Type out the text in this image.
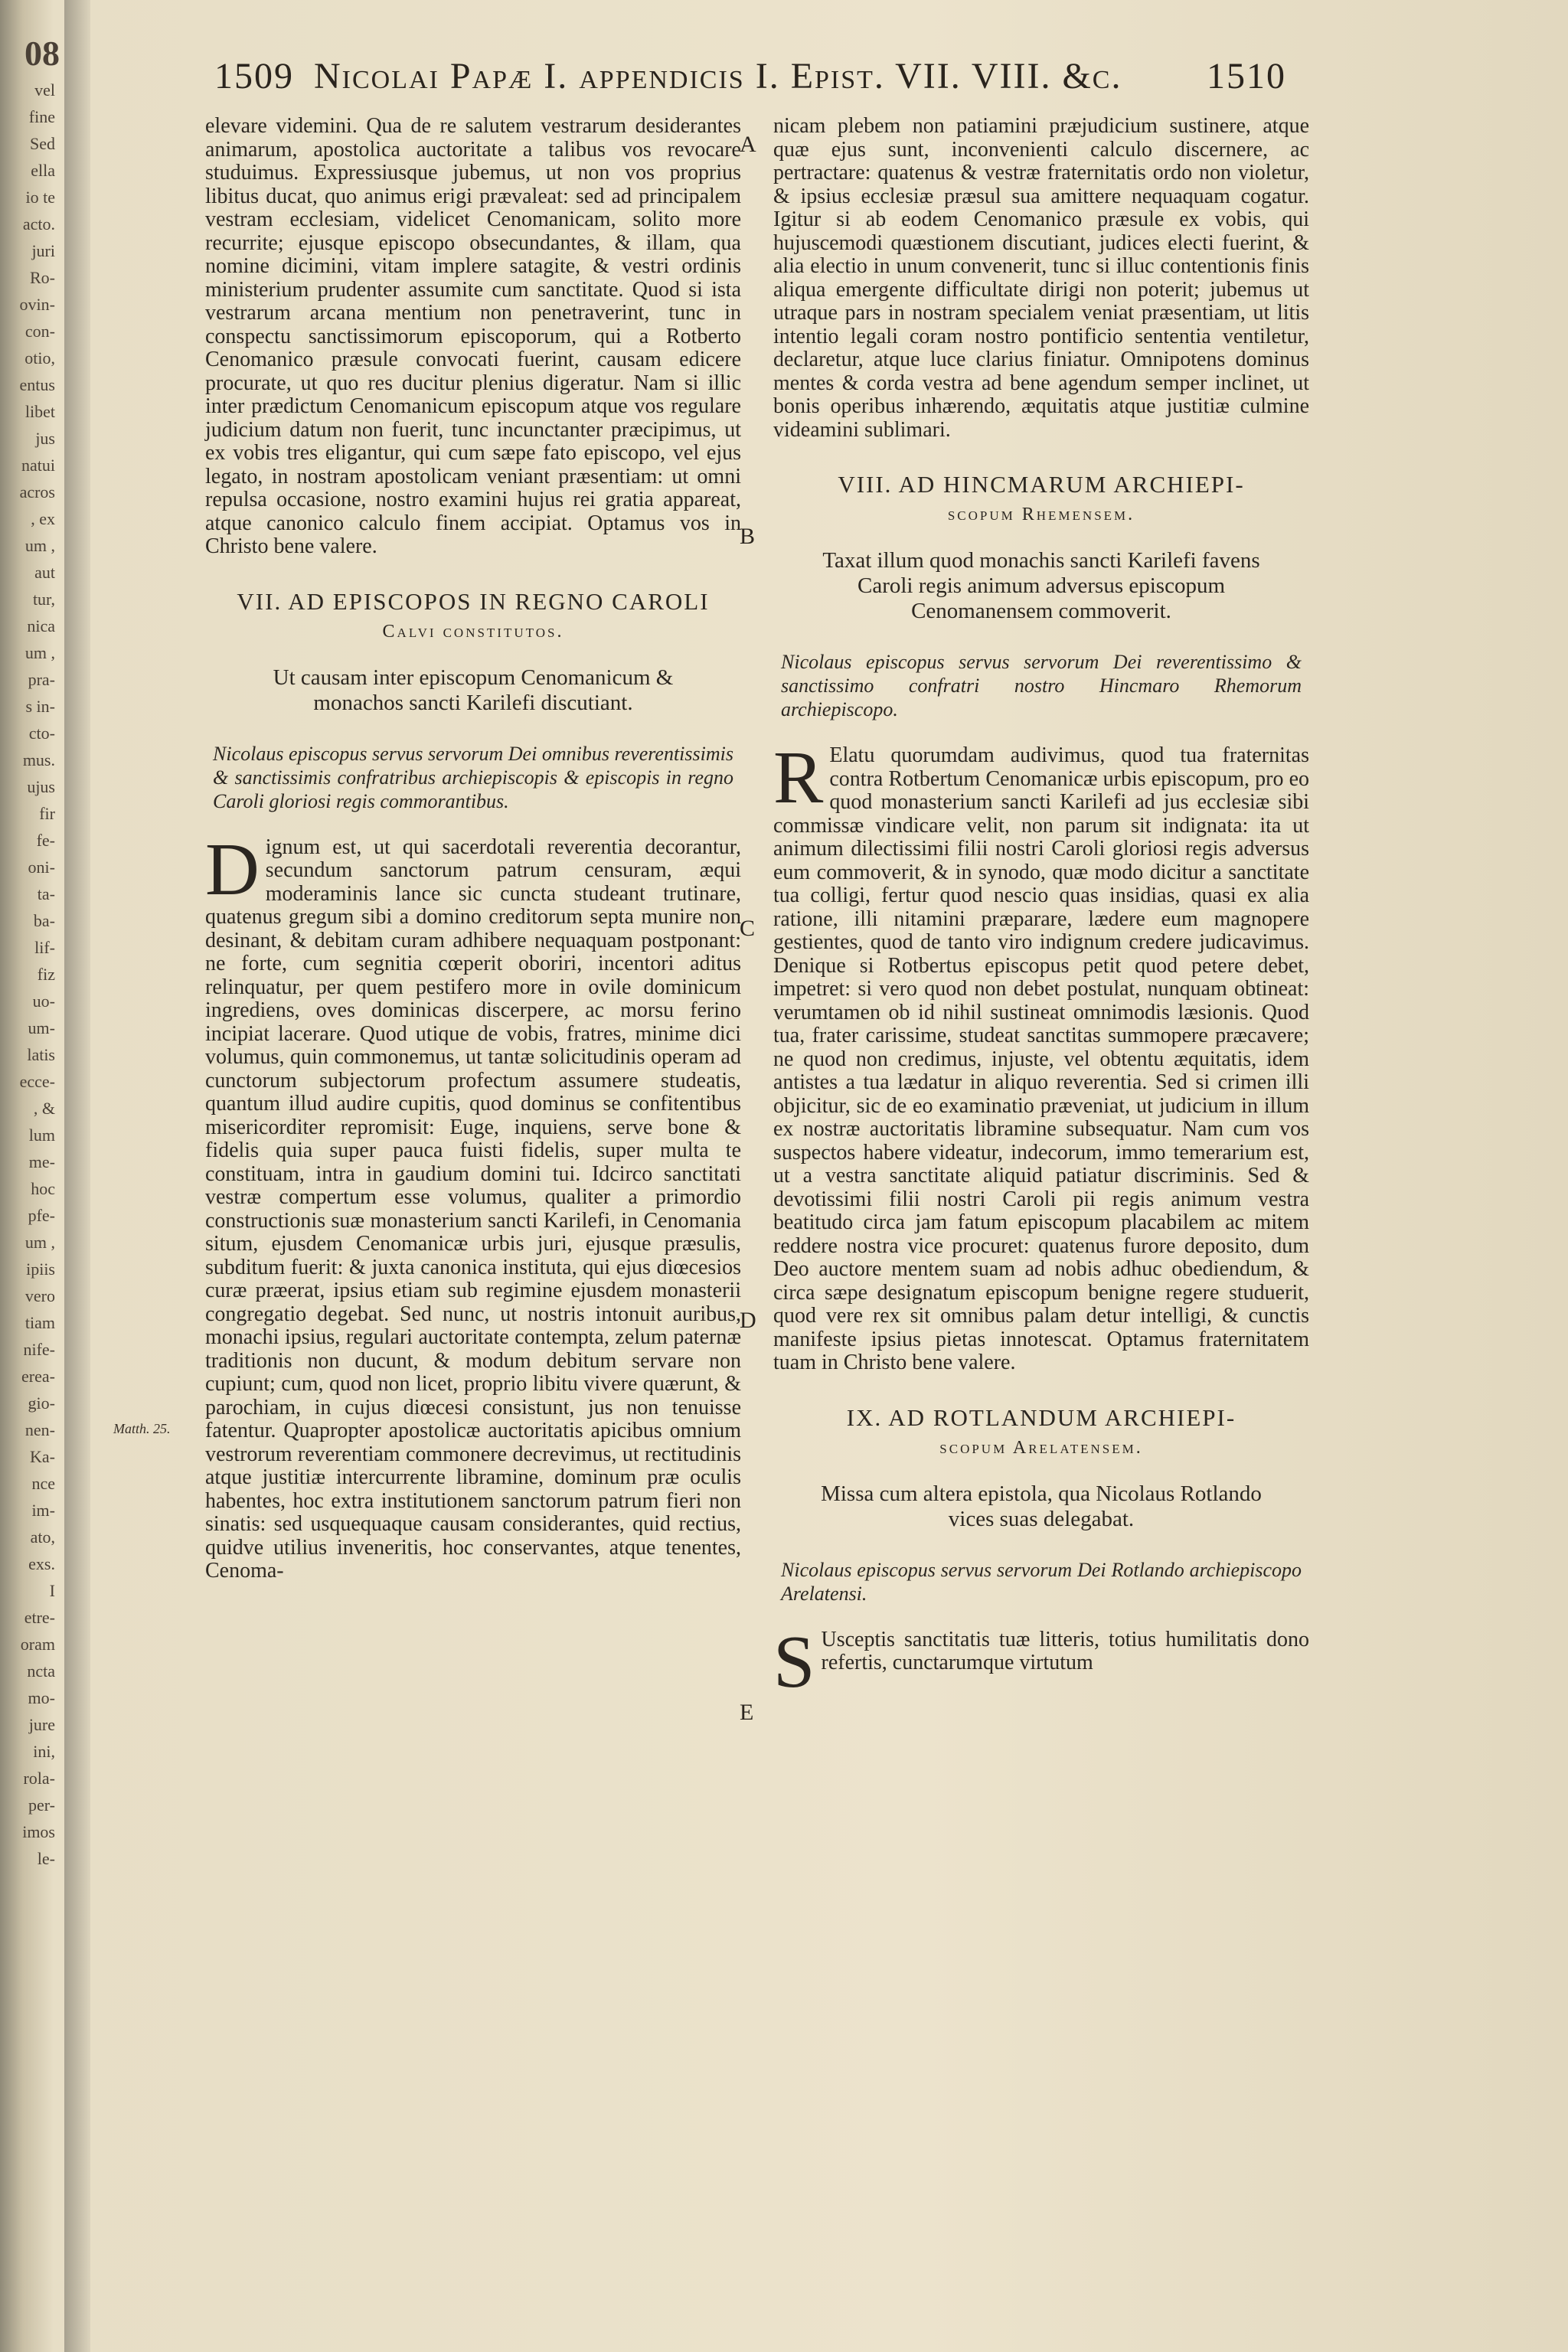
08
vel
fine
Sed
ella
io te
acto.
juri
Ro-
ovin-
con-
otio,
entus
libet
jus
natui
acros
, ex
um ,
aut
tur,
nica
um ,
pra-
s in-
cto-
mus.
ujus
fir
fe-
oni-
ta-
ba-
lif-
fiz
uo-
um-
latis
ecce-
, &
lum
me-
hoc
pfe-
um ,
ipiis
vero
tiam
nife-
erea-
gio-
nen-
Ka-
nce
im-
ato,
exs.
I
etre-
oram
ncta
mo-
jure
ini,
rola-
per-
imos
le-
1509 Nicolai Papæ I. appendicis I. Epist. VII. VIII. &c. 1510

elevare videmini. Qua de re salutem vestrarum desiderantes animarum, apostolica auctoritate a talibus vos revocare studuimus. Expressiusque jubemus, ut non vos proprius libitus ducat, quo animus erigi prævaleat: sed ad principalem vestram ecclesiam, videlicet Cenomanicam, solito more recurrite; ejusque episcopo obsecundantes, & illam, qua nomine dicimini, vitam implere satagite, & vestri ordinis ministerium prudenter assumite cum sanctitate. Quod si ista vestrarum arcana mentium non penetraverint, tunc in conspectu sanctissimorum episcoporum, qui a Rotberto Cenomanico præsule convocati fuerint, causam edicere procurate, ut quo res ducitur plenius digeratur. Nam si illic inter prædictum Cenomanicum episcopum atque vos regulare judicium datum non fuerit, tunc incunctanter præcipimus, ut ex vobis tres eligantur, qui cum sæpe fato episcopo, vel ejus legato, in nostram apostolicam veniant præsentiam: ut omni repulsa occasione, nostro examini hujus rei gratia appareat, atque canonico calculo finem accipiat. Optamus vos in Christo bene valere.

VII. AD EPISCOPOS IN REGNO CAROLI
Calvi constitutos.
Ut causam inter episcopum Cenomanicum & monachos sancti Karilefi discutiant.
Nicolaus episcopus servus servorum Dei omnibus reverentissimis & sanctissimis confratribus archiepiscopis & episcopis in regno Caroli gloriosi regis commorantibus.

Dignum est, ut qui sacerdotali reverentia decorantur, secundum sanctorum patrum censuram, æqui moderaminis lance sic cuncta studeant trutinare, quatenus gregum sibi a domino creditorum septa munire non desinant, & debitam curam adhibere nequaquam postponant: ne forte, cum segnitia cœperit oboriri, incentori aditus relinquatur, per quem pestifero more in ovile dominicum ingrediens, oves dominicas discerpere, ac morsu ferino incipiat lacerare. Quod utique de vobis, fratres, minime dici volumus, quin commonemus, ut tantæ solicitudinis operam ad cunctorum subjectorum profectum assumere studeatis, quantum illud audire cupitis, quod dominus se confitentibus misericorditer repromisit: Euge, inquiens, serve bone & fidelis quia super pauca fuisti fidelis, super multa te constituam, intra in gaudium domini tui. Idcirco sanctitati vestræ compertum esse volumus, qualiter a primordio constructionis suæ monasterium sancti Karilefi, in Cenomania situm, ejusdem Cenomanicæ urbis juri, ejusque præsulis, subditum fuerit: & juxta canonica instituta, qui ejus diœcesios curæ præerat, ipsius etiam sub regimine ejusdem monasterii congregatio degebat. Sed nunc, ut nostris intonuit auribus, monachi ipsius, regulari auctoritate contempta, zelum paternæ traditionis non ducunt, & modum debitum servare non cupiunt; cum, quod non licet, proprio libitu vivere quærunt, & parochiam, in cujus diœcesi consistunt, jus non tenuisse fatentur. Quapropter apostolicæ auctoritatis apicibus omnium vestrorum reverentiam commonere decrevimus, ut rectitudinis atque justitiæ intercurrente libramine, dominum præ oculis habentes, hoc extra institutionem sanctorum patrum fieri non sinatis: sed usquequaque causam considerantes, quid rectius, quidve utilius inveneritis, hoc conservantes, atque tenentes, Cenoma-

nicam plebem non patiamini præjudicium sustinere, atque quæ ejus sunt, inconvenienti calculo discernere, ac pertractare: quatenus & vestræ fraternitatis ordo non violetur, & ipsius ecclesiæ præsul sua amittere nequaquam cogatur. Igitur si ab eodem Cenomanico præsule ex vobis, qui hujuscemodi quæstionem discutiant, judices electi fuerint, & alia electio in unum convenerit, tunc si illuc contentionis finis aliqua emergente difficultate dirigi non poterit; jubemus ut utraque pars in nostram specialem veniat præsentiam, ut litis intentio legali coram nostro pontificio sententia ventiletur, declaretur, atque luce clarius finiatur. Omnipotens dominus mentes & corda vestra ad bene agendum semper inclinet, ut bonis operibus inhærendo, æquitatis atque justitiæ culmine videamini sublimari.

VIII. AD HINCMARUM ARCHIEPI-
scopum Rhemensem.
Taxat illum quod monachis sancti Karilefi favens Caroli regis animum adversus episcopum Cenomanensem commoverit.
Nicolaus episcopus servus servorum Dei reverentissimo & sanctissimo confratri nostro Hincmaro Rhemorum archiepiscopo.

R Elatu quorumdam audivimus, quod tua fraternitas contra Rotbertum Cenomanicæ urbis episcopum, pro eo quod monasterium sancti Karilefi ad jus ecclesiæ sibi commissæ vindicare velit, non parum sit indignata: ita ut animum dilectissimi filii nostri Caroli gloriosi regis adversus eum commoverit, & in synodo, quæ modo dicitur a sanctitate tua colligi, fertur quod nescio quas insidias, quasi ex alia ratione, illi nitamini præparare, lædere eum magnopere gestientes, quod de tanto viro indignum credere judicavimus. Denique si Rotbertus episcopus petit quod petere debet, impetret: si vero quod non debet postulat, nunquam obtineat: verumtamen ob id nihil sustineat omnimodis læsionis. Quod tua, frater carissime, studeat sanctitas summopere præcavere; ne quod non credimus, injuste, vel obtentu æquitatis, idem antistes a tua lædatur in aliquo reverentia. Sed si crimen illi objicitur, sic de eo examinatio præveniat, ut judicium in illum ex nostræ auctoritatis libramine subsequatur. Nam cum vos suspectos habere videatur, indecorum, immo temerarium est, ut a vestra sanctitate aliquid patiatur discriminis. Sed & devotissimi filii nostri Caroli pii regis animum vestra beatitudo circa jam fatum episcopum placabilem ac mitem reddere nostra vice procuret: quatenus furore deposito, dum Deo auctore mentem suam ad nobis adhuc obediendum, & circa sæpe designatum episcopum benigne regere studuerit, quod vere rex sit omnibus palam detur intelligi, & cunctis manifeste ipsius pietas innotescat. Optamus fraternitatem tuam in Christo bene valere.

IX. AD ROTLANDUM ARCHIEPI-
scopum Arelatensem.
Missa cum altera epistola, qua Nicolaus Rotlando vices suas delegabat.
Nicolaus episcopus servus servorum Dei Rotlando archiepiscopo Arelatensi.

S Usceptis sanctitatis tuæ litteris, totius humilitatis dono refertis, cunctarumque virtutum

A
B
C
D
E
Matth. 25.
